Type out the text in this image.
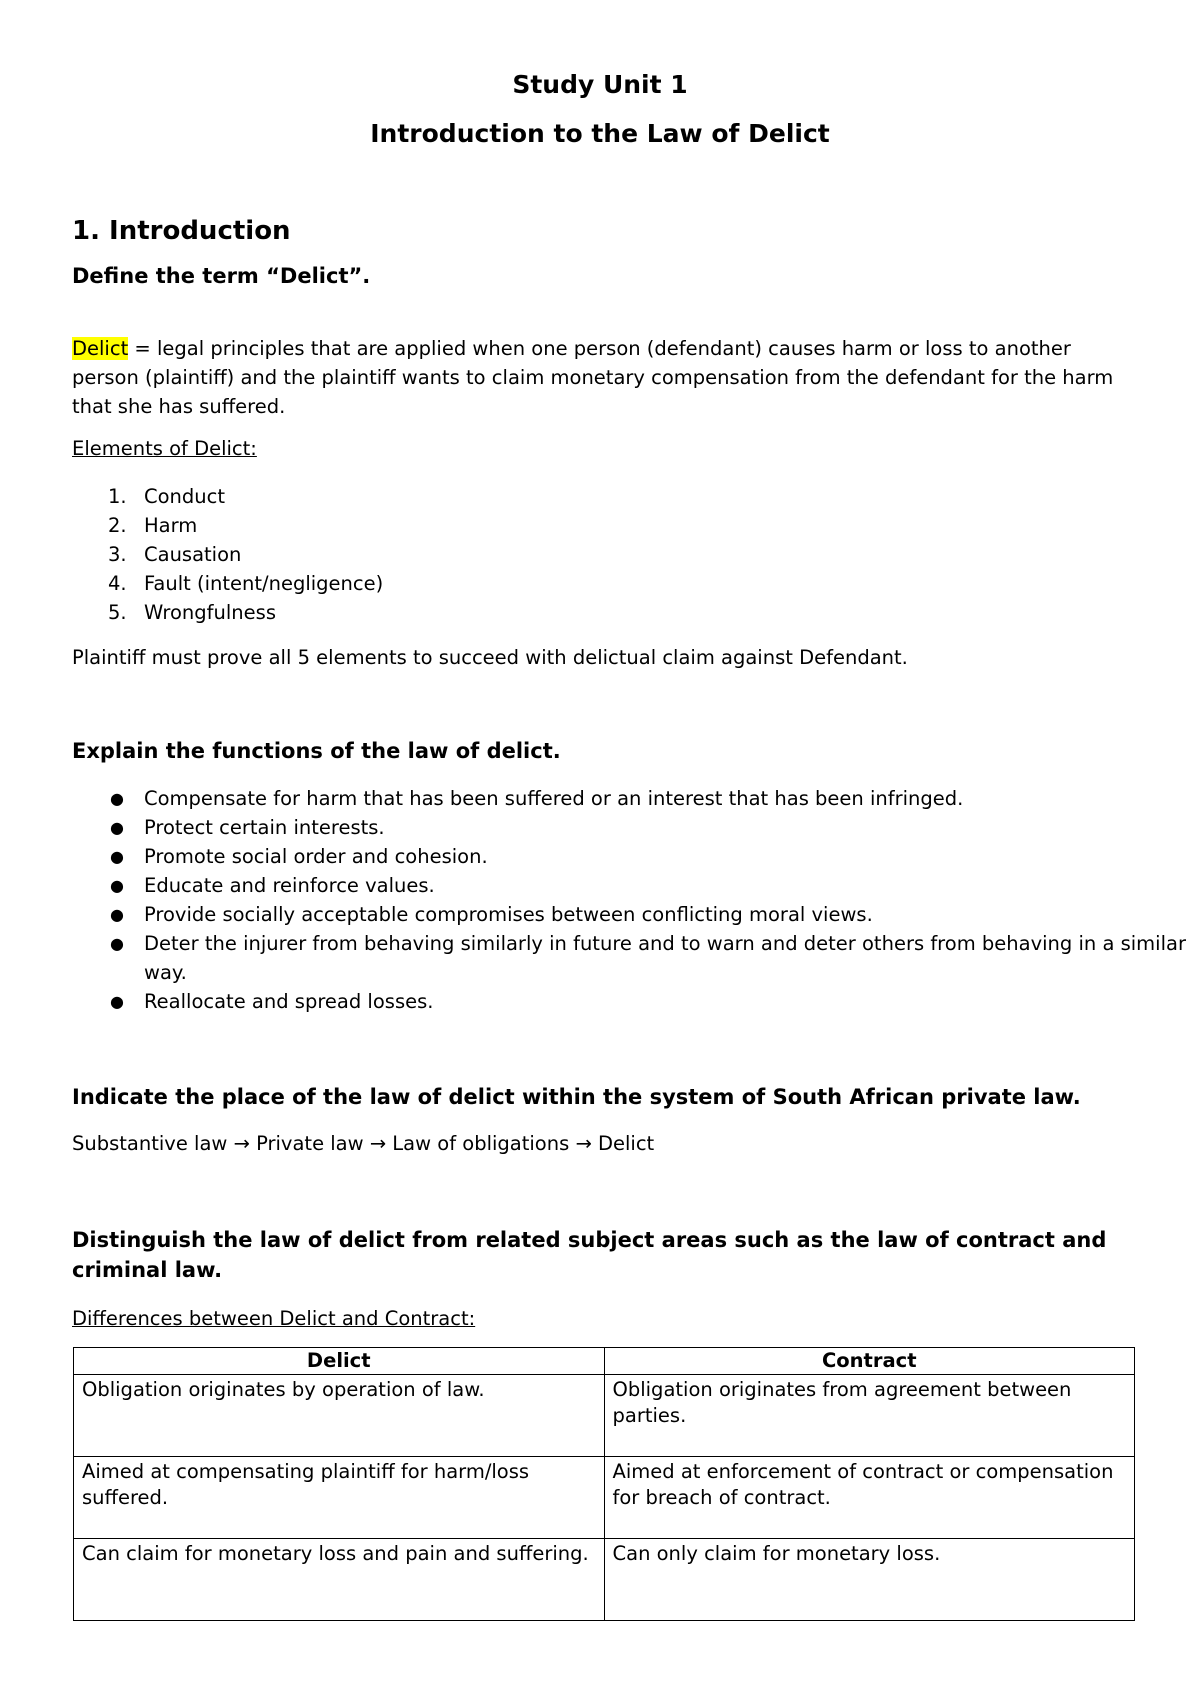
Study Unit 1
Introduction to the Law of Delict
1. Introduction
Define the term “Delict”.
Delict = legal principles that are applied when one person (defendant) causes harm or loss to another person (plaintiff) and the plaintiff wants to claim monetary compensation from the defendant for the harm that she has suffered.
Elements of Delict:
1. Conduct
2. Harm
3. Causation
4. Fault (intent/negligence)
5. Wrongfulness
Plaintiff must prove all 5 elements to succeed with delictual claim against Defendant.
Explain the functions of the law of delict.
● Compensate for harm that has been suffered or an interest that has been infringed.
● Protect certain interests.
● Promote social order and cohesion.
● Educate and reinforce values.
● Provide socially acceptable compromises between conflicting moral views.
● Deter the injurer from behaving similarly in future and to warn and deter others from behaving in a similar way.
● Reallocate and spread losses.
Indicate the place of the law of delict within the system of South African private law.
Substantive law → Private law → Law of obligations → Delict
Distinguish the law of delict from related subject areas such as the law of contract and criminal law.
Differences between Delict and Contract:
Delict	Contract
Obligation originates by operation of law.	Obligation originates from agreement between parties.
Aimed at compensating plaintiff for harm/loss suffered.	Aimed at enforcement of contract or compensation for breach of contract.
Can claim for monetary loss and pain and suffering.	Can only claim for monetary loss.
